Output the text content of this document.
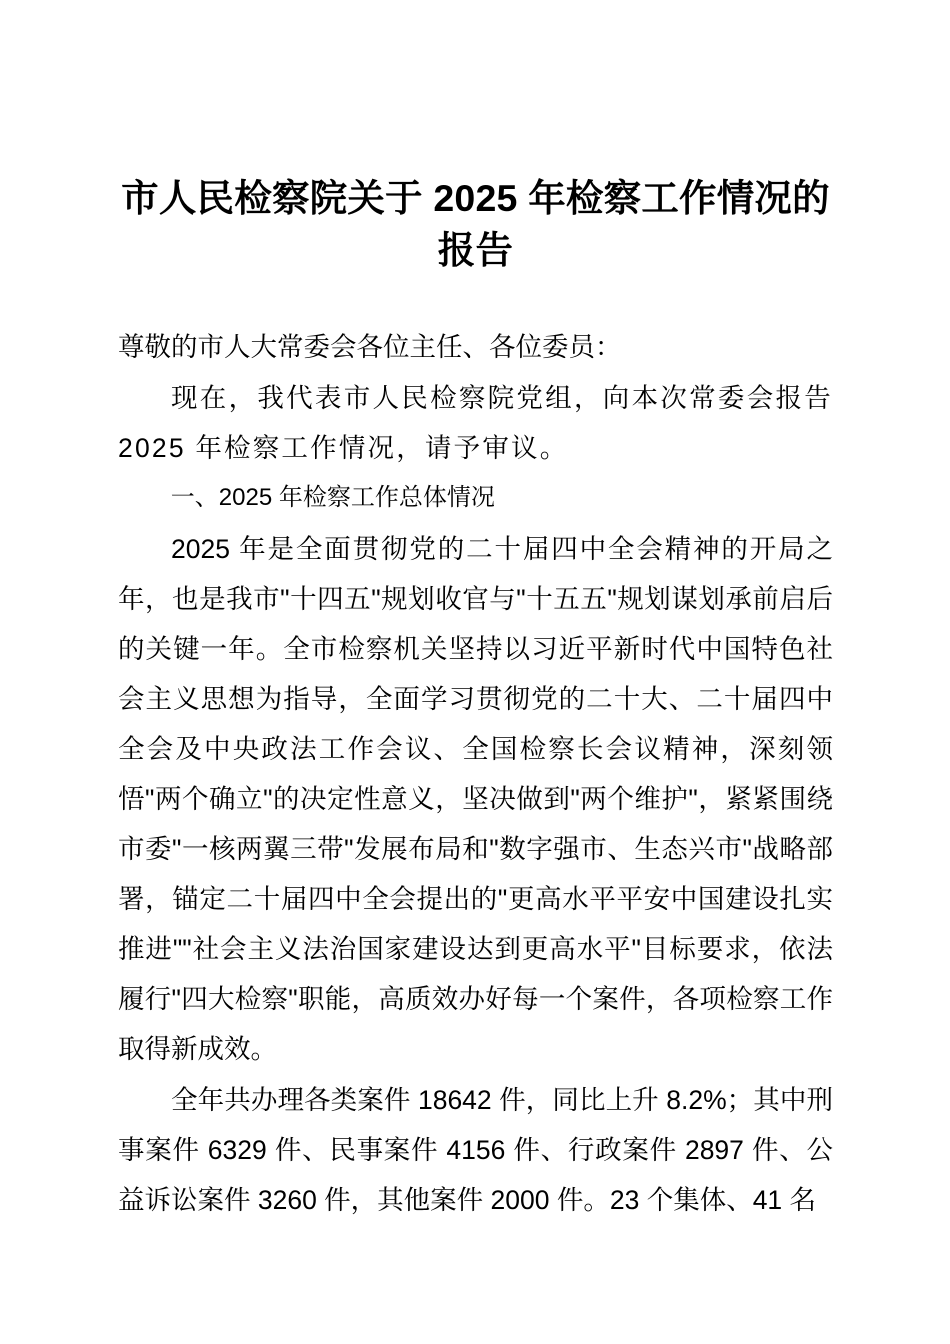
市人民检察院关于 2025 年检察工作情况的报告

尊敬的市人大常委会各位主任、各位委员：

现在，我代表市人民检察院党组，向本次常委会报告 2025 年检察工作情况，请予审议。

一、2025 年检察工作总体情况

2025 年是全面贯彻党的二十届四中全会精神的开局之年，也是我市"十四五"规划收官与"十五五"规划谋划承前启后的关键一年。全市检察机关坚持以习近平新时代中国特色社会主义思想为指导，全面学习贯彻党的二十大、二十届四中全会及中央政法工作会议、全国检察长会议精神，深刻领悟"两个确立"的决定性意义，坚决做到"两个维护"，紧紧围绕市委"一核两翼三带"发展布局和"数字强市、生态兴市"战略部署，锚定二十届四中全会提出的"更高水平平安中国建设扎实推进""社会主义法治国家建设达到更高水平"目标要求，依法履行"四大检察"职能，高质效办好每一个案件，各项检察工作取得新成效。

全年共办理各类案件 18642 件，同比上升 8.2%；其中刑事案件 6329 件、民事案件 4156 件、行政案件 2897 件、公益诉讼案件 3260 件，其他案件 2000 件。23 个集体、41 名
